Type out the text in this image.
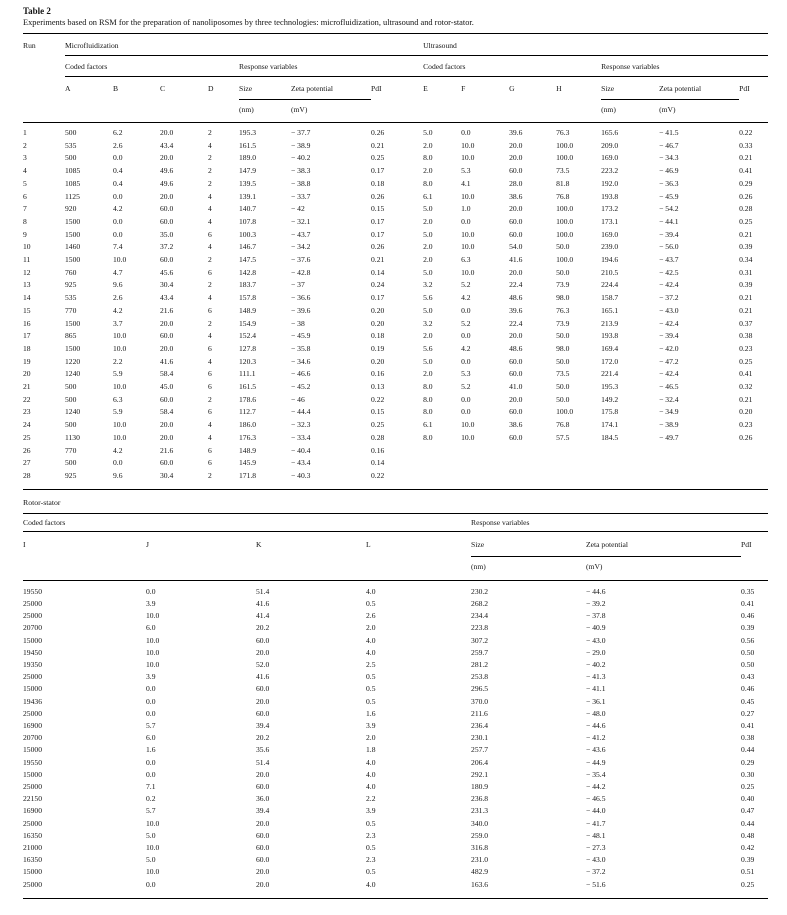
Table 2
Experiments based on RSM for the preparation of nanoliposomes by three technologies: microfluidization, ultrasound and rotor-stator.
Run	Microfluidization							Ultrasound						
	Coded factors				Response variables			Coded factors				Response variables		
	A	B	C	D	Size	Zeta potential	PdI	E	F	G	H	Size	Zeta potential	PdI
					(nm)	(mV)						(nm)	(mV)	
1	500	6.2	20.0	2	195.3	− 37.7	0.26	5.0	0.0	39.6	76.3	165.6	− 41.5	0.22
2	535	2.6	43.4	4	161.5	− 38.9	0.21	2.0	10.0	20.0	100.0	209.0	− 46.7	0.33
3	500	0.0	20.0	2	189.0	− 40.2	0.25	8.0	10.0	20.0	100.0	169.0	− 34.3	0.21
4	1085	0.4	49.6	2	147.9	− 38.3	0.17	2.0	5.3	60.0	73.5	223.2	− 46.9	0.41
5	1085	0.4	49.6	2	139.5	− 38.8	0.18	8.0	4.1	28.0	81.8	192.0	− 36.3	0.29
6	1125	0.0	20.0	4	139.1	− 33.7	0.26	6.1	10.0	38.6	76.8	193.8	− 45.9	0.26
7	920	4.2	60.0	4	140.7	− 42	0.15	5.0	1.0	20.0	100.0	173.2	− 54.2	0.28
8	1500	0.0	60.0	4	107.8	− 32.1	0.17	2.0	0.0	60.0	100.0	173.1	− 44.1	0.25
9	1500	0.0	35.0	6	100.3	− 43.7	0.17	5.0	10.0	60.0	100.0	169.0	− 39.4	0.21
10	1460	7.4	37.2	4	146.7	− 34.2	0.26	2.0	10.0	54.0	50.0	239.0	− 56.0	0.39
11	1500	10.0	60.0	2	147.5	− 37.6	0.21	2.0	6.3	41.6	100.0	194.6	− 43.7	0.34
12	760	4.7	45.6	6	142.8	− 42.8	0.14	5.0	10.0	20.0	50.0	210.5	− 42.5	0.31
13	925	9.6	30.4	2	183.7	− 37	0.24	3.2	5.2	22.4	73.9	224.4	− 42.4	0.39
14	535	2.6	43.4	4	157.8	− 36.6	0.17	5.6	4.2	48.6	98.0	158.7	− 37.2	0.21
15	770	4.2	21.6	6	148.9	− 39.6	0.20	5.0	0.0	39.6	76.3	165.1	− 43.0	0.21
16	1500	3.7	20.0	2	154.9	− 38	0.20	3.2	5.2	22.4	73.9	213.9	− 42.4	0.37
17	865	10.0	60.0	4	152.4	− 45.9	0.18	2.0	0.0	20.0	50.0	193.8	− 39.4	0.38
18	1500	10.0	20.0	6	127.8	− 35.8	0.19	5.6	4.2	48.6	98.0	169.4	− 42.0	0.23
19	1220	2.2	41.6	4	120.3	− 34.6	0.20	5.0	0.0	60.0	50.0	172.0	− 47.2	0.25
20	1240	5.9	58.4	6	111.1	− 46.6	0.16	2.0	5.3	60.0	73.5	221.4	− 42.4	0.41
21	500	10.0	45.0	6	161.5	− 45.2	0.13	8.0	5.2	41.0	50.0	195.3	− 46.5	0.32
22	500	6.3	60.0	2	178.6	− 46	0.22	8.0	0.0	20.0	50.0	149.2	− 32.4	0.21
23	1240	5.9	58.4	6	112.7	− 44.4	0.15	8.0	0.0	60.0	100.0	175.8	− 34.9	0.20
24	500	10.0	20.0	4	186.0	− 32.3	0.25	6.1	10.0	38.6	76.8	174.1	− 38.9	0.23
25	1130	10.0	20.0	4	176.3	− 33.4	0.28	8.0	10.0	60.0	57.5	184.5	− 49.7	0.26
26	770	4.2	21.6	6	148.9	− 40.4	0.16							
27	500	0.0	60.0	6	145.9	− 43.4	0.14							
28	925	9.6	30.4	2	171.8	− 40.3	0.22							
Rotor-stator
Coded factors				Response variables		
I	J	K	L	Size	Zeta potential	PdI
				(nm)	(mV)	
19550	0.0	51.4	4.0	230.2	− 44.6	0.35
25000	3.9	41.6	0.5	268.2	− 39.2	0.41
25000	10.0	41.4	2.6	234.4	− 37.8	0.46
20700	6.0	20.2	2.0	223.8	− 40.9	0.39
15000	10.0	60.0	4.0	307.2	− 43.0	0.56
19450	10.0	20.0	4.0	259.7	− 29.0	0.50
19350	10.0	52.0	2.5	281.2	− 40.2	0.50
25000	3.9	41.6	0.5	253.8	− 41.3	0.43
15000	0.0	60.0	0.5	296.5	− 41.1	0.46
19436	0.0	20.0	0.5	370.0	− 36.1	0.45
25000	0.0	60.0	1.6	211.6	− 48.0	0.27
16900	5.7	39.4	3.9	236.4	− 44.6	0.41
20700	6.0	20.2	2.0	230.1	− 41.2	0.38
15000	1.6	35.6	1.8	257.7	− 43.6	0.44
19550	0.0	51.4	4.0	206.4	− 44.9	0.29
15000	0.0	20.0	4.0	292.1	− 35.4	0.30
25000	7.1	60.0	4.0	180.9	− 44.2	0.25
22150	0.2	36.0	2.2	236.8	− 46.5	0.40
16900	5.7	39.4	3.9	231.3	− 44.0	0.47
25000	10.0	20.0	0.5	340.0	− 41.7	0.44
16350	5.0	60.0	2.3	259.0	− 48.1	0.48
21000	10.0	60.0	0.5	316.8	− 27.3	0.42
16350	5.0	60.0	2.3	231.0	− 43.0	0.39
15000	10.0	20.0	0.5	482.9	− 37.2	0.51
25000	0.0	20.0	4.0	163.6	− 51.6	0.25
